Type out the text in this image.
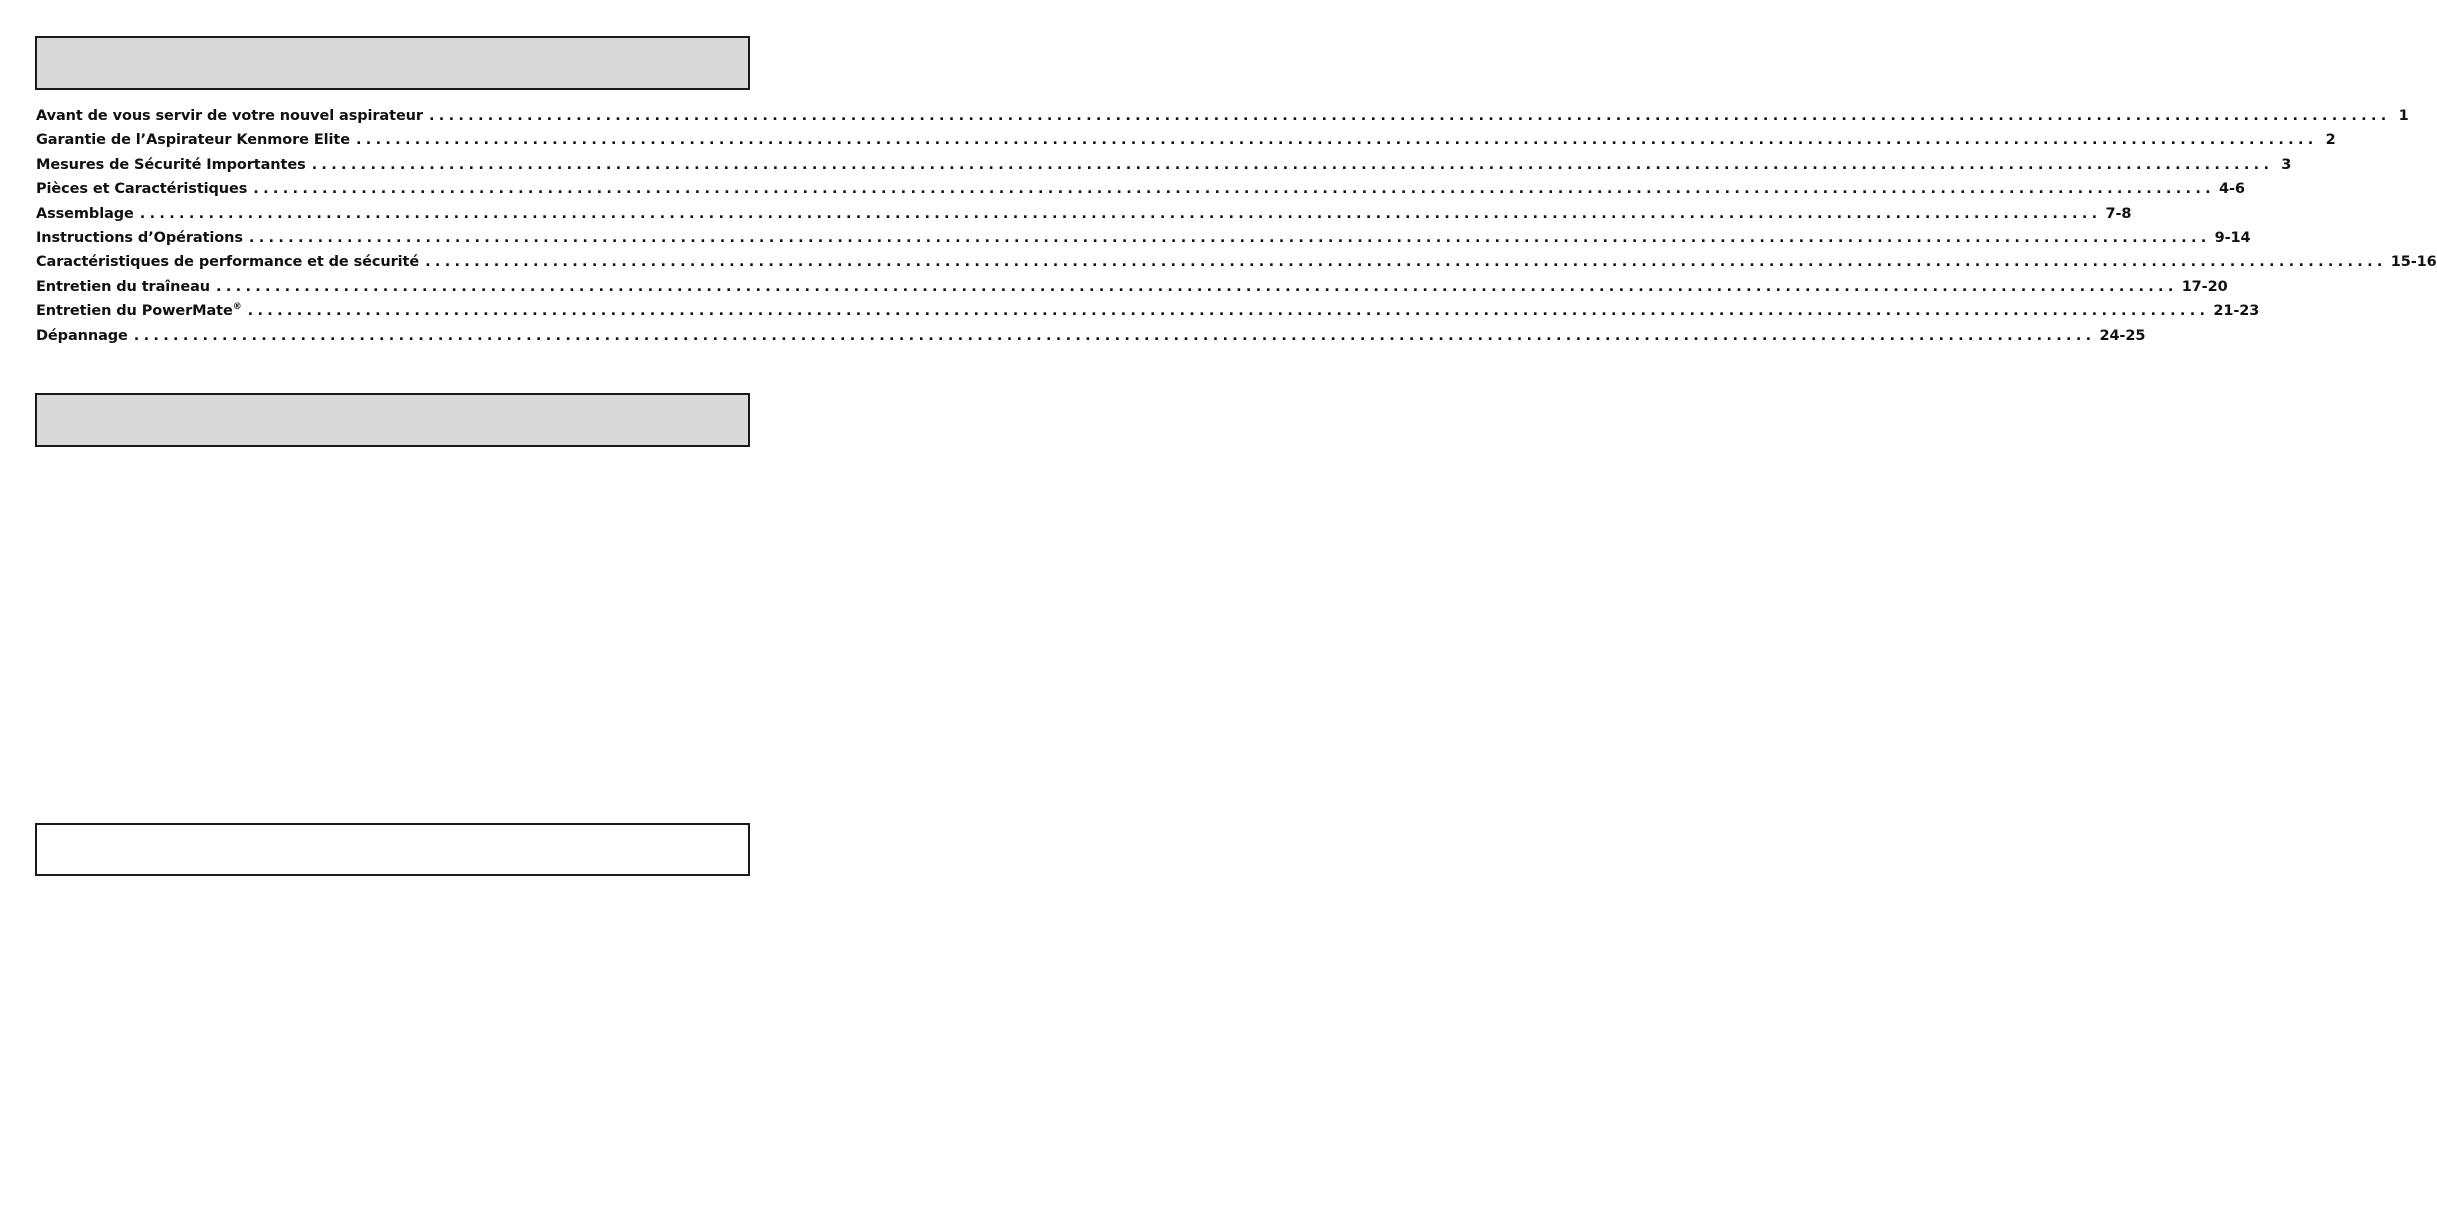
Avant de vous servir de votre nouvel aspirateur ........................................................................................................................................................................................................ 1
Garantie de l’Aspirateur Kenmore Elite ........................................................................................................................................................................................................ 2
Mesures de Sécurité Importantes ........................................................................................................................................................................................................ 3
Pièces et Caractéristiques ........................................................................................................................................................................................................ 4-6
Assemblage ........................................................................................................................................................................................................ 7-8
Instructions d’Opérations ........................................................................................................................................................................................................ 9-14
Caractéristiques de performance et de sécurité ........................................................................................................................................................................................................ 15-16
Entretien du traîneau ........................................................................................................................................................................................................ 17-20
Entretien du PowerMate® ........................................................................................................................................................................................................ 21-23
Dépannage ........................................................................................................................................................................................................ 24-25
